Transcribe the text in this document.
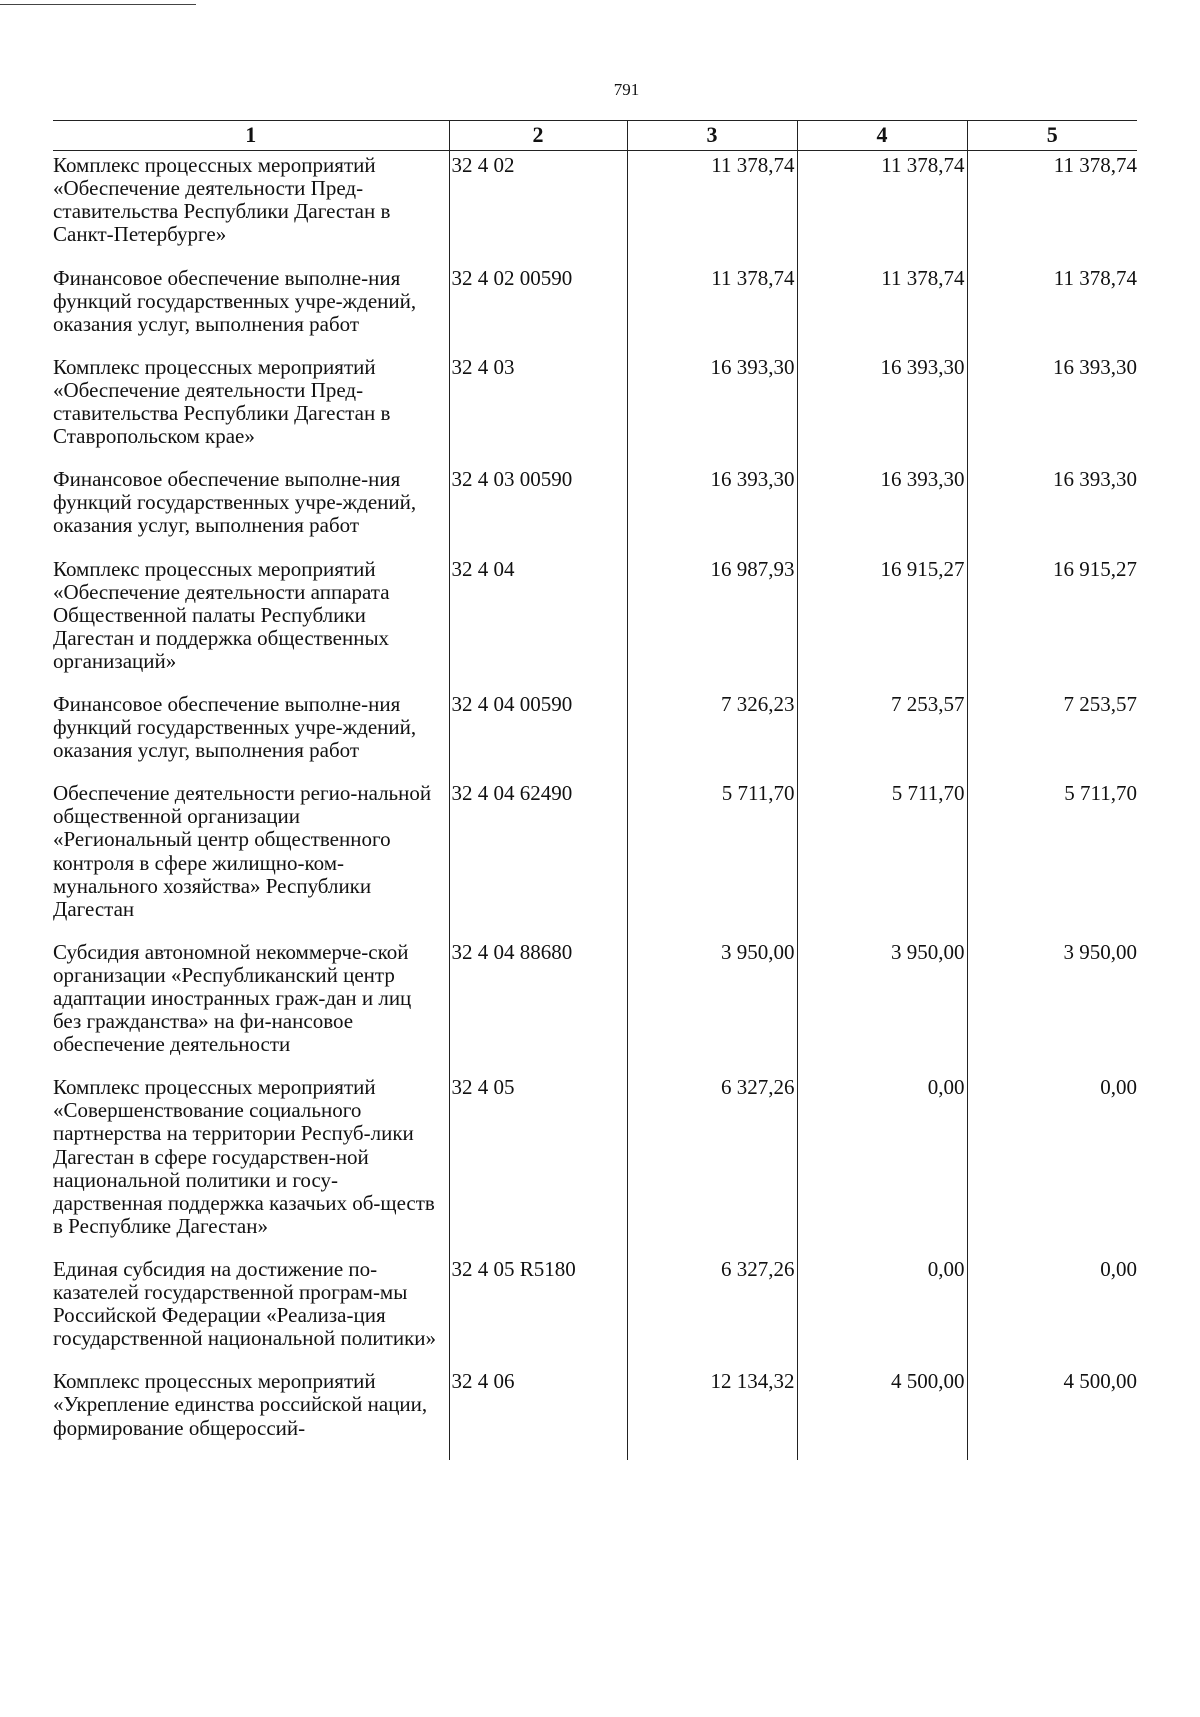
791
1	2	3	4	5
Комплекс процессных мероприятий «Обеспечение деятельности Пред-ставительства Республики Дагестан в Санкт-Петербурге»	32 4 02	11 378,74	11 378,74	11 378,74
Финансовое обеспечение выполне-ния функций государственных учре-ждений, оказания услуг, выполнения работ	32 4 02 00590	11 378,74	11 378,74	11 378,74
Комплекс процессных мероприятий «Обеспечение деятельности Пред-ставительства Республики Дагестан в Ставропольском крае»	32 4 03	16 393,30	16 393,30	16 393,30
Финансовое обеспечение выполне-ния функций государственных учре-ждений, оказания услуг, выполнения работ	32 4 03 00590	16 393,30	16 393,30	16 393,30
Комплекс процессных мероприятий «Обеспечение деятельности аппарата Общественной палаты Республики Дагестан и поддержка общественных организаций»	32 4 04	16 987,93	16 915,27	16 915,27
Финансовое обеспечение выполне-ния функций государственных учре-ждений, оказания услуг, выполнения работ	32 4 04 00590	7 326,23	7 253,57	7 253,57
Обеспечение деятельности регио-нальной общественной организации «Региональный центр общественного контроля в сфере жилищно-ком-мунального хозяйства» Республики Дагестан	32 4 04 62490	5 711,70	5 711,70	5 711,70
Субсидия автономной некоммерче-ской организации «Республиканский центр адаптации иностранных граж-дан и лиц без гражданства» на фи-нансовое обеспечение деятельности	32 4 04 88680	3 950,00	3 950,00	3 950,00
Комплекс процессных мероприятий «Совершенствование социального партнерства на территории Респуб-лики Дагестан в сфере государствен-ной национальной политики и госу-дарственная поддержка казачьих об-ществ в Республике Дагестан»	32 4 05	6 327,26	0,00	0,00
Единая субсидия на достижение по-казателей государственной програм-мы Российской Федерации «Реализа-ция государственной национальной политики»	32 4 05 R5180	6 327,26	0,00	0,00
Комплекс процессных мероприятий «Укрепление единства российской нации, формирование общероссий-	32 4 06	12 134,32	4 500,00	4 500,00
